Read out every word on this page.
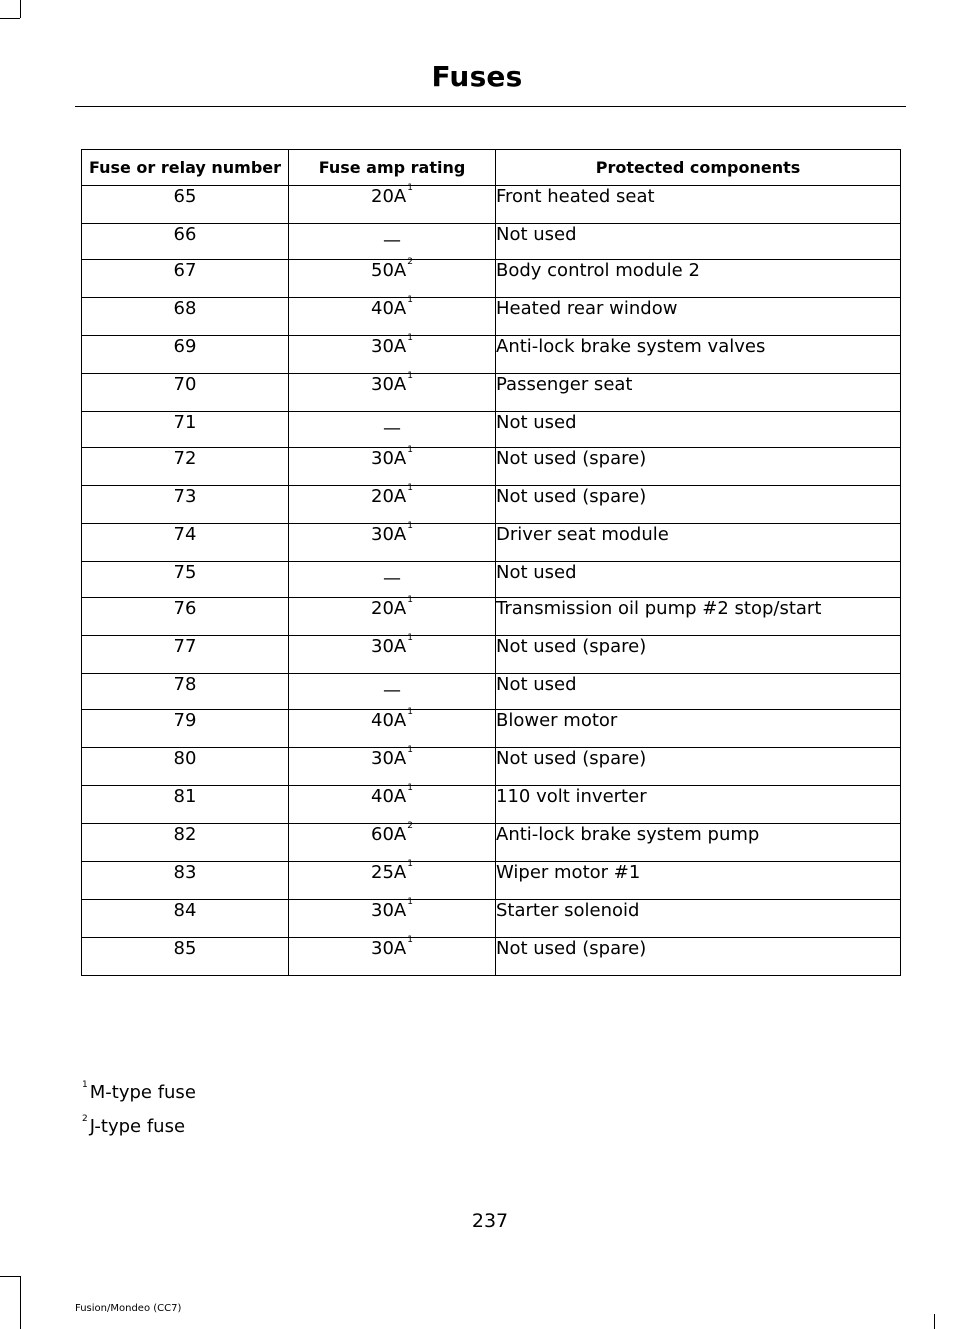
Fuses
Fuse or relay number	Fuse amp rating	Protected components
65	$20A^1$	Front heated seat
66	—	Not used
67	$50A^2$	Body control module 2
68	$40A^1$	Heated rear window
69	$30A^1$	Anti-lock brake system valves
70	$30A^1$	Passenger seat
71	—	Not used
72	$30A^1$	Not used (spare)
73	$20A^1$	Not used (spare)
74	$30A^1$	Driver seat module
75	—	Not used
76	$20A^1$	Transmission oil pump #2 stop/start
77	$30A^1$	Not used (spare)
78	—	Not used
79	$40A^1$	Blower motor
80	$30A^1$	Not used (spare)
81	$40A^1$	110 volt inverter
82	$60A^2$	Anti-lock brake system pump
83	$25A^1$	Wiper motor #1
84	$30A^1$	Starter solenoid
85	$30A^1$	Not used (spare)
$^1$ M-type fuse
$^2$ J-type fuse
237
Fusion/Mondeo (CC7)
